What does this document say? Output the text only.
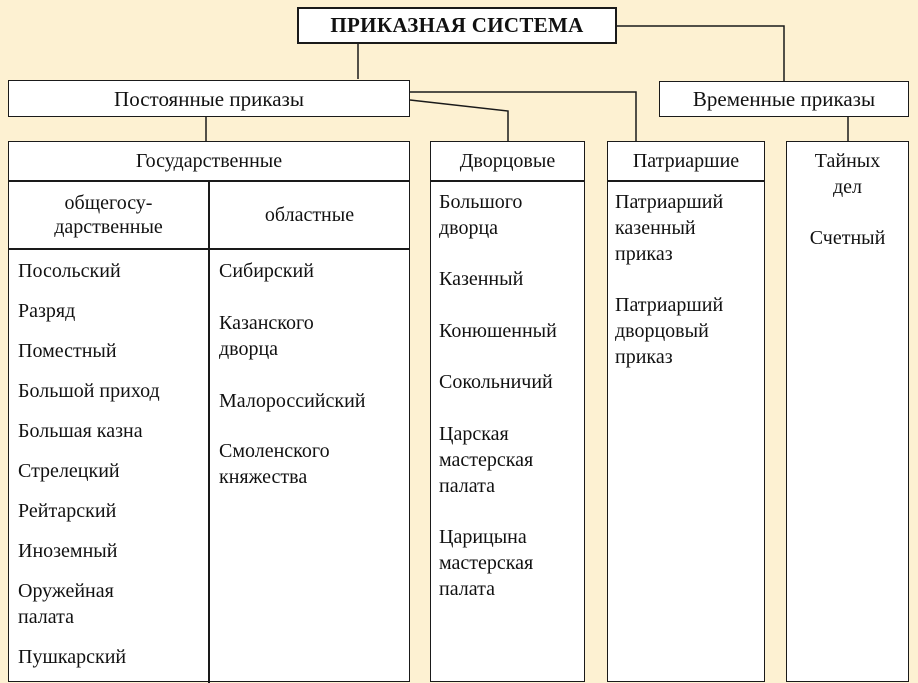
ПРИКАЗНАЯ СИСТЕМА
Постоянные приказы	Временные приказы
Государственные
общегосу-
дарственные
областные
Посольский
Разряд
Поместный
Большой приход
Большая казна
Стрелецкий
Рейтарский
Иноземный
Оружейная
палата
Пушкарский
Сибирский
Казанского
дворца
Малороссийский
Смоленского
княжества
Дворцовые
Большого
дворца
Казенный
Конюшенный
Сокольничий
Царская
мастерская
палата
Царицына
мастерская
палата
Патриаршие
Патриарший
казенный
приказ
Патриарший
дворцовый
приказ
Тайных
дел
Счетный
